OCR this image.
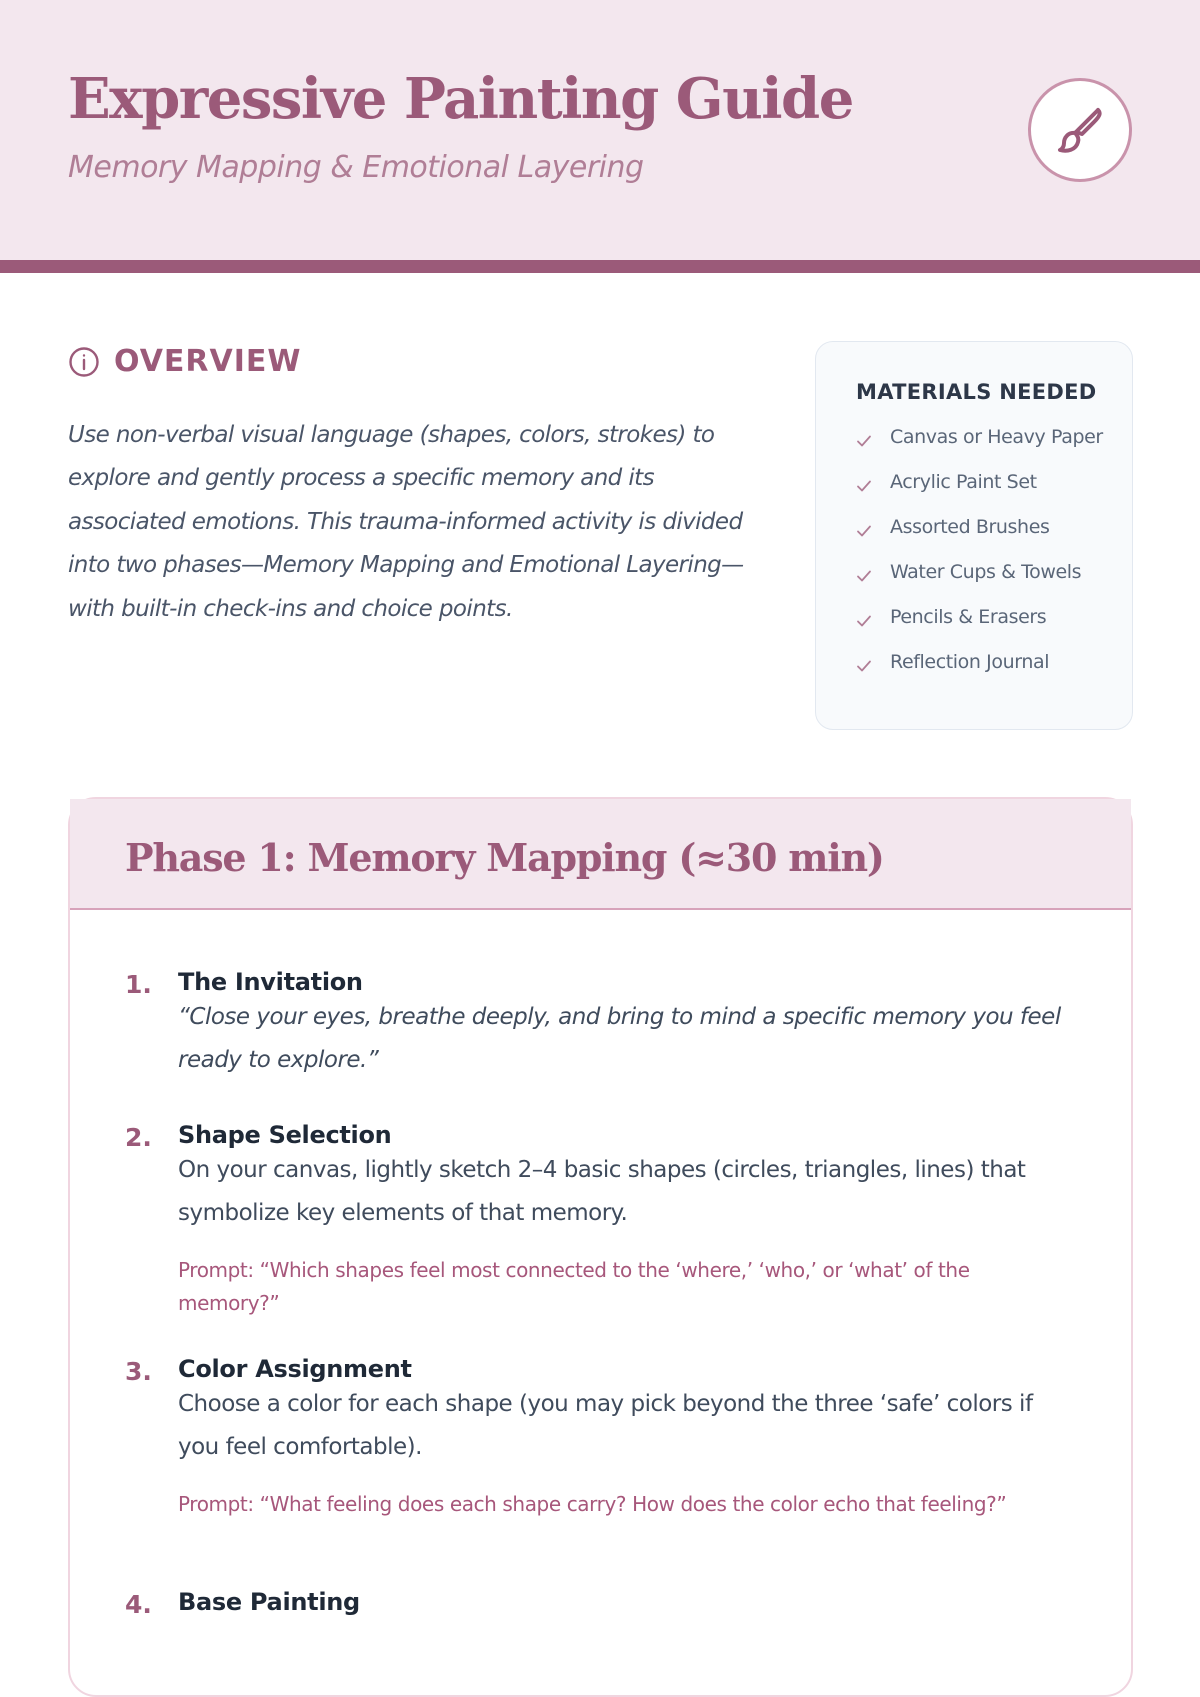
Expressive Painting Guide
Memory Mapping & Emotional Layering
OVERVIEW

Use non-verbal visual language (shapes, colors, strokes) to explore and gently process a specific memory and its associated emotions. This trauma-informed activity is divided into two phases—Memory Mapping and Emotional Layering—with built-in check-ins and choice points.

MATERIALS NEEDED
Canvas or Heavy Paper
Acrylic Paint Set
Assorted Brushes
Water Cups & Towels
Pencils & Erasers
Reflection Journal
Phase 1: Memory Mapping (≈30 min)
1. The Invitation

“Close your eyes, breathe deeply, and bring to mind a specific memory you feel ready to explore.”

2. Shape Selection

On your canvas, lightly sketch 2–4 basic shapes (circles, triangles, lines) that symbolize key elements of that memory.

Prompt: “Which shapes feel most connected to the ‘where,’ ‘who,’ or ‘what’ of the memory?”

3. Color Assignment

Choose a color for each shape (you may pick beyond the three ‘safe’ colors if you feel comfortable).

Prompt: “What feeling does each shape carry? How does the color echo that feeling?”

4. Base Painting
